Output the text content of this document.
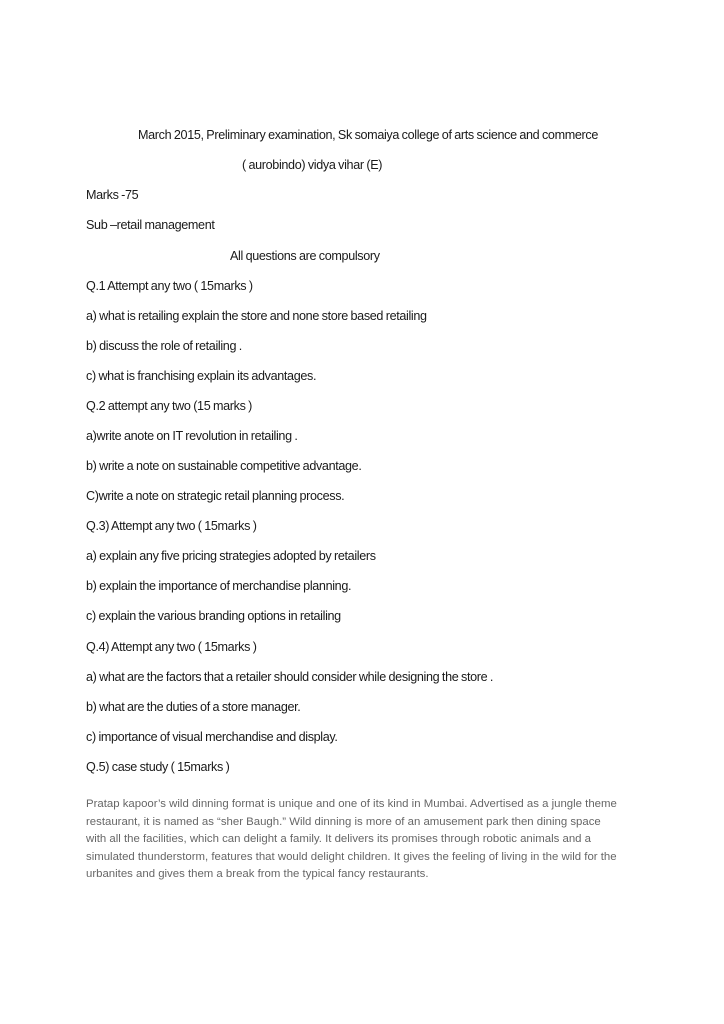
March 2015, Preliminary examination, Sk somaiya college of arts science and commerce
( aurobindo) vidya vihar (E)
Marks -75
Sub –retail management
All questions are compulsory
Q.1 Attempt any two ( 15marks )
a) what is retailing explain the store and none store based retailing
b) discuss the role of retailing .
c) what is franchising explain its advantages.
Q.2 attempt any two (15 marks )
a)write anote on IT revolution in retailing .
b) write a note on sustainable competitive advantage.
C)write a note on strategic retail planning process.
Q.3) Attempt any two ( 15marks )
a) explain any five pricing strategies adopted by retailers
b) explain the importance of merchandise planning.
c) explain the various branding options in retailing
Q.4) Attempt any two ( 15marks )
a) what are the factors that a retailer should consider while designing the store .
b) what are the duties of a store manager.
c) importance of visual merchandise and display.
Q.5) case study ( 15marks )

Pratap kapoor’s wild dinning format is unique and one of its kind in Mumbai. Advertised as a jungle theme

restaurant, it is named as “sher Baugh.” Wild dinning is more of an amusement park then dining space

with all the facilities, which can delight a family. It delivers its promises through robotic animals and a

simulated thunderstorm, features that would delight children. It gives the feeling of living in the wild for the

urbanites and gives them a break from the typical fancy restaurants.
